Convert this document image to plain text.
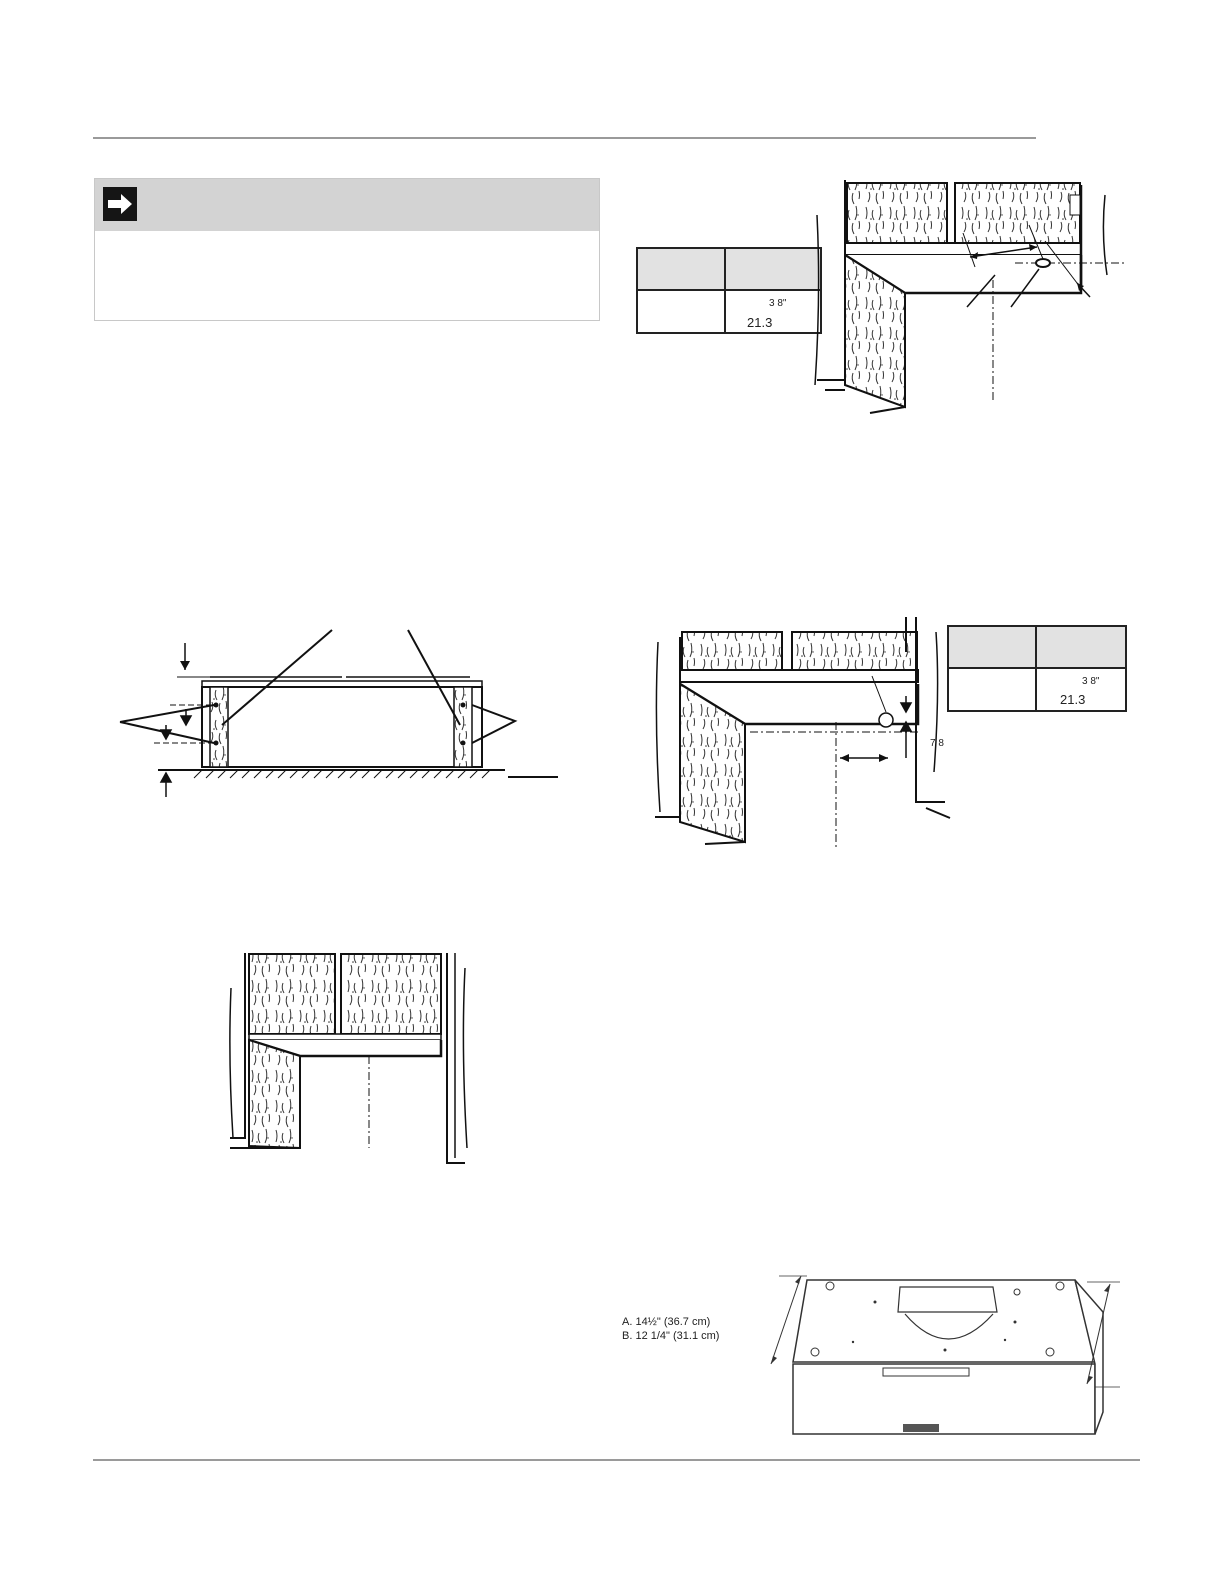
3 8"
21.3

3 8"
21.3
7 8
A. 14½" (36.7 cm)
B. 12 1/4" (31.1 cm)
